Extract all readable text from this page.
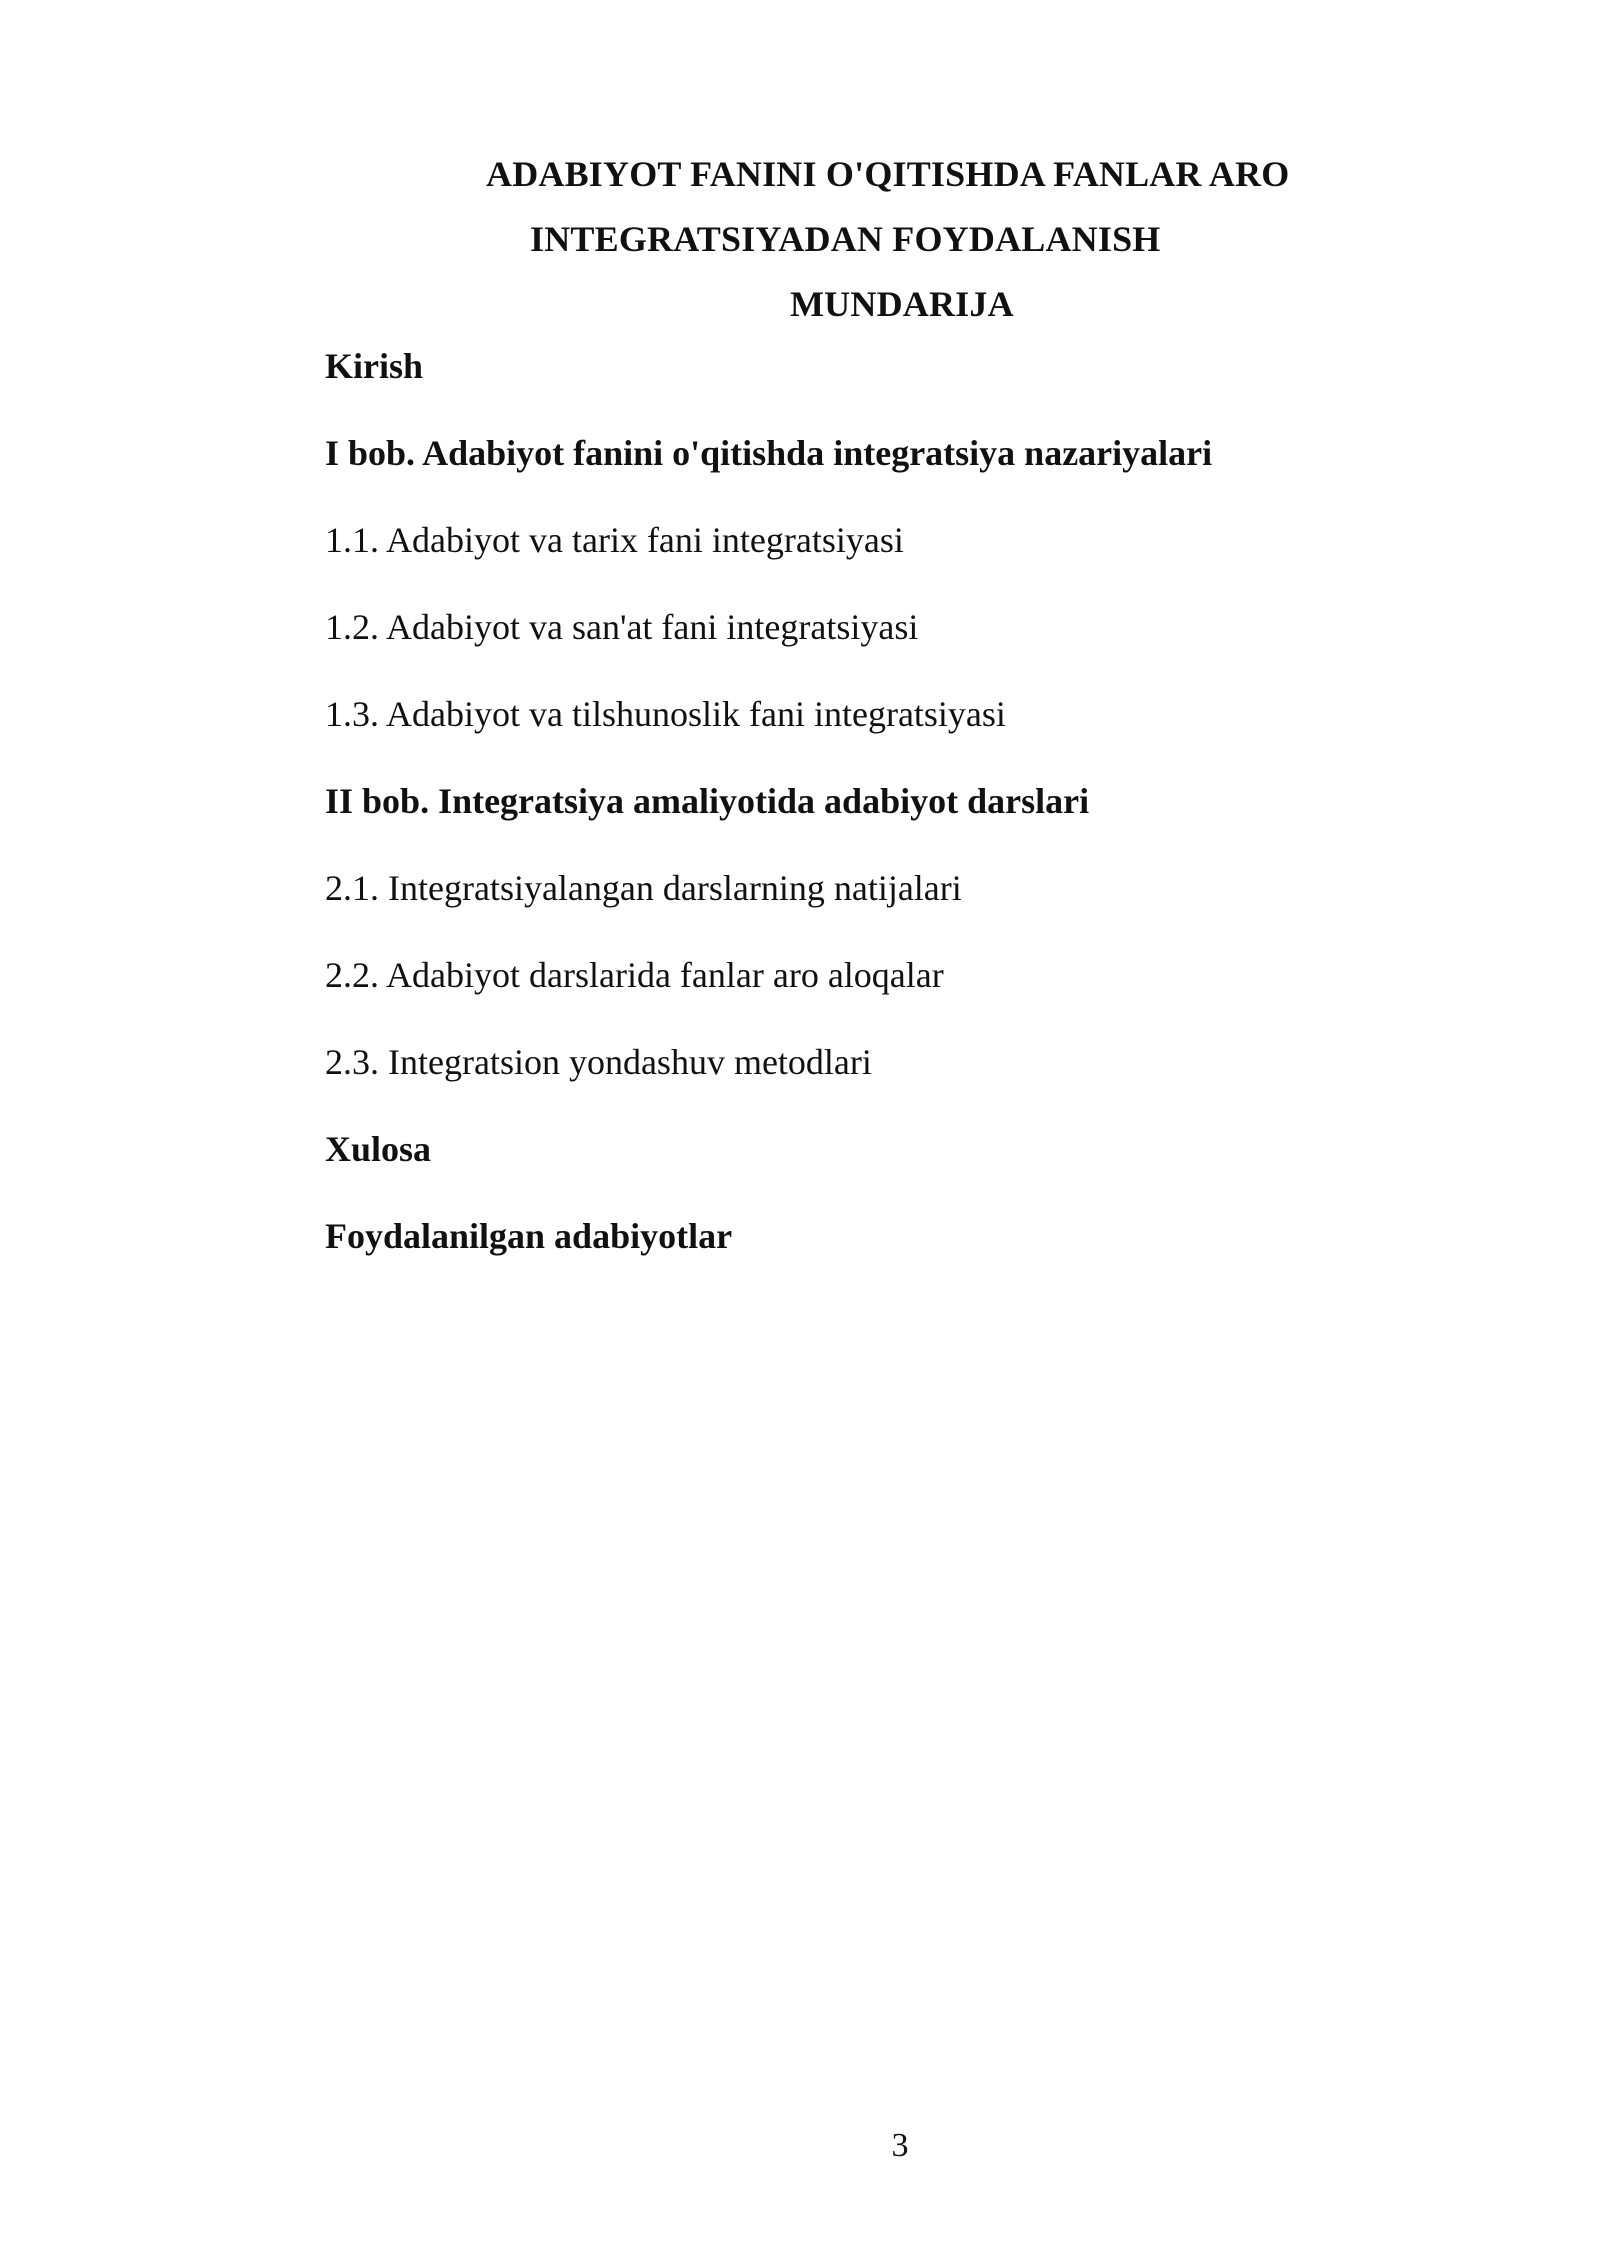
ADABIYOT FANINI O'QITISHDA FANLAR ARO
INTEGRATSIYADAN FOYDALANISH
MUNDARIJA
Kirish
I bob. Adabiyot fanini o'qitishda integratsiya nazariyalari
1.1. Adabiyot va tarix fani integratsiyasi
1.2. Adabiyot va san'at fani integratsiyasi
1.3. Adabiyot va tilshunoslik fani integratsiyasi
II bob. Integratsiya amaliyotida adabiyot darslari
2.1. Integratsiyalangan darslarning natijalari
2.2. Adabiyot darslarida fanlar aro aloqalar
2.3. Integratsion yondashuv metodlari
Xulosa
Foydalanilgan adabiyotlar
3
